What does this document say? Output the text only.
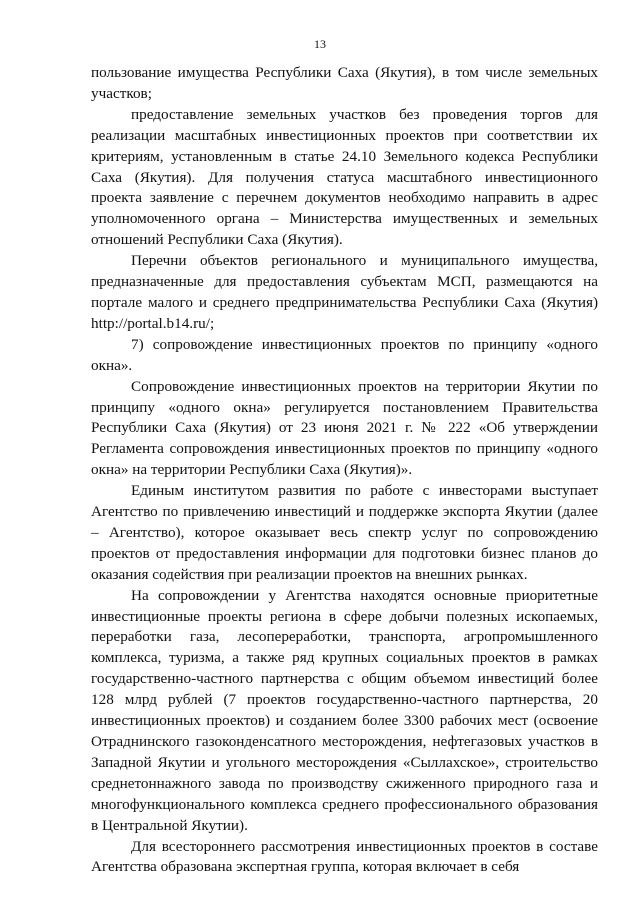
13

пользование имущества Республики Саха (Якутия), в том числе земельных участков;

предоставление земельных участков без проведения торгов для реализации масштабных инвестиционных проектов при соответствии их критериям, установленным в статье 24.10 Земельного кодекса Республики Саха (Якутия). Для получения статуса масштабного инвестиционного проекта заявление с перечнем документов необходимо направить в адрес уполномоченного органа – Министерства имущественных и земельных отношений Республики Саха (Якутия).

Перечни объектов регионального и муниципального имущества, предназначенные для предоставления субъектам МСП, размещаются на портале малого и среднего предпринимательства Республики Саха (Якутия) http://portal.b14.ru/;

7) сопровождение инвестиционных проектов по принципу «одного окна».

Сопровождение инвестиционных проектов на территории Якутии по принципу «одного окна» регулируется постановлением Правительства Республики Саха (Якутия) от 23 июня 2021 г. № 222 «Об утверждении Регламента сопровождения инвестиционных проектов по принципу «одного окна» на территории Республики Саха (Якутия)».

Единым институтом развития по работе с инвесторами выступает Агентство по привлечению инвестиций и поддержке экспорта Якутии (далее – Агентство), которое оказывает весь спектр услуг по сопровождению проектов от предоставления информации для подготовки бизнес планов до оказания содействия при реализации проектов на внешних рынках.

На сопровождении у Агентства находятся основные приоритетные инвестиционные проекты региона в сфере добычи полезных ископаемых, переработки газа, лесопереработки, транспорта, агропромышленного комплекса, туризма, а также ряд крупных социальных проектов в рамках государственно-частного партнерства с общим объемом инвестиций более 128 млрд рублей (7 проектов государственно-частного партнерства, 20 инвестиционных проектов) и созданием более 3300 рабочих мест (освоение Отраднинского газоконденсатного месторождения, нефтегазовых участков в Западной Якутии и угольного месторождения «Сыллахское», строительство среднетоннажного завода по производству сжиженного природного газа и многофункционального комплекса среднего профессионального образования в Центральной Якутии).

Для всестороннего рассмотрения инвестиционных проектов в составе Агентства образована экспертная группа, которая включает в себя
